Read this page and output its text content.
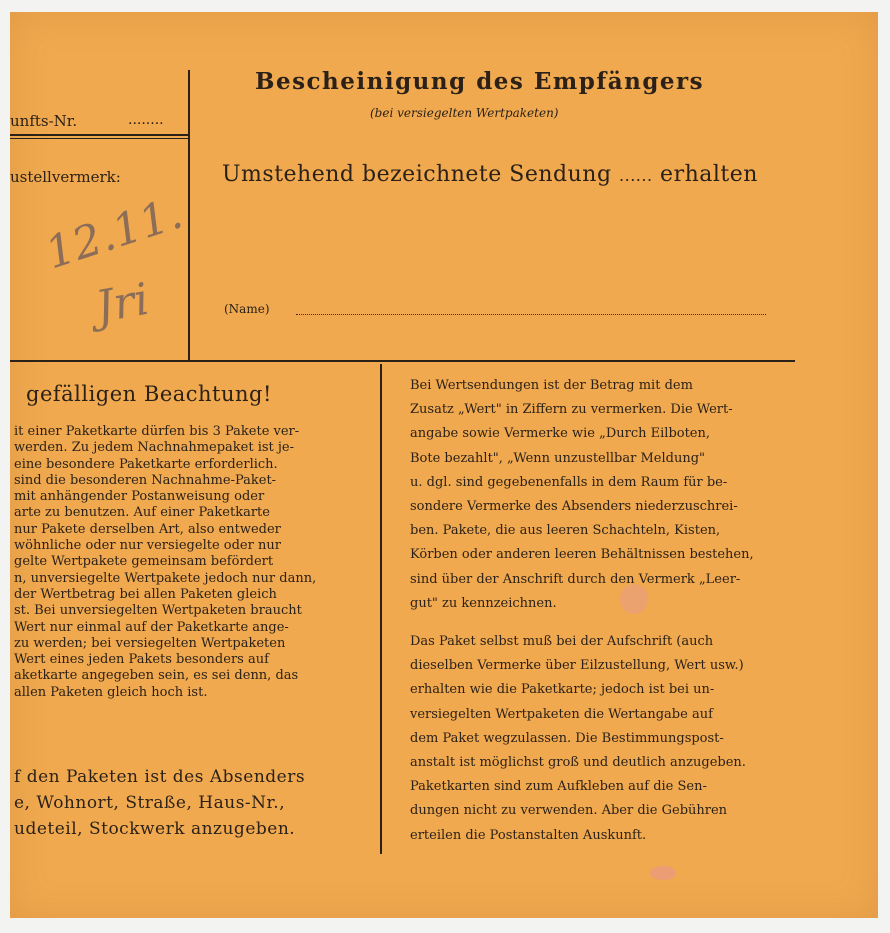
Bescheinigung des Empfängers
(bei versiegelten Wertpaketen)
unfts-Nr.	........
ustellvermerk:
12.11.
Jri
Umstehend bezeichnete Sendung ...... erhalten
(Name)
gefälligen Beachtung!
it einer Paketkarte dürfen bis 3 Pakete ver-
werden. Zu jedem Nachnahmepaket ist je-
eine besondere Paketkarte erforderlich.
sind die besonderen Nachnahme-Paket-
mit anhängender Postanweisung oder
arte zu benutzen. Auf einer Paketkarte
nur Pakete derselben Art, also entweder
wöhnliche oder nur versiegelte oder nur
gelte Wertpakete gemeinsam befördert
n, unversiegelte Wertpakete jedoch nur dann,
der Wertbetrag bei allen Paketen gleich
st. Bei unversiegelten Wertpaketen braucht
Wert nur einmal auf der Paketkarte ange-
zu werden; bei versiegelten Wertpaketen
Wert eines jeden Pakets besonders auf
aketkarte angegeben sein, es sei denn, das
allen Paketen gleich hoch ist.
f den Paketen ist des Absenders
e, Wohnort, Straße, Haus-Nr.,
udeteil, Stockwerk anzugeben.
Bei Wertsendungen ist der Betrag mit dem
Zusatz „Wert" in Ziffern zu vermerken. Die Wert-
angabe sowie Vermerke wie „Durch Eilboten,
Bote bezahlt", „Wenn unzustellbar Meldung"
u. dgl. sind gegebenenfalls in dem Raum für be-
sondere Vermerke des Absenders niederzuschrei-
ben. Pakete, die aus leeren Schachteln, Kisten,
Körben oder anderen leeren Behältnissen bestehen,
sind über der Anschrift durch den Vermerk „Leer-
gut" zu kennzeichnen.
Das Paket selbst muß bei der Aufschrift (auch
dieselben Vermerke über Eilzustellung, Wert usw.)
erhalten wie die Paketkarte; jedoch ist bei un-
versiegelten Wertpaketen die Wertangabe auf
dem Paket wegzulassen. Die Bestimmungspost-
anstalt ist möglichst groß und deutlich anzugeben.
Paketkarten sind zum Aufkleben auf die Sen-
dungen nicht zu verwenden. Aber die Gebühren
erteilen die Postanstalten Auskunft.
